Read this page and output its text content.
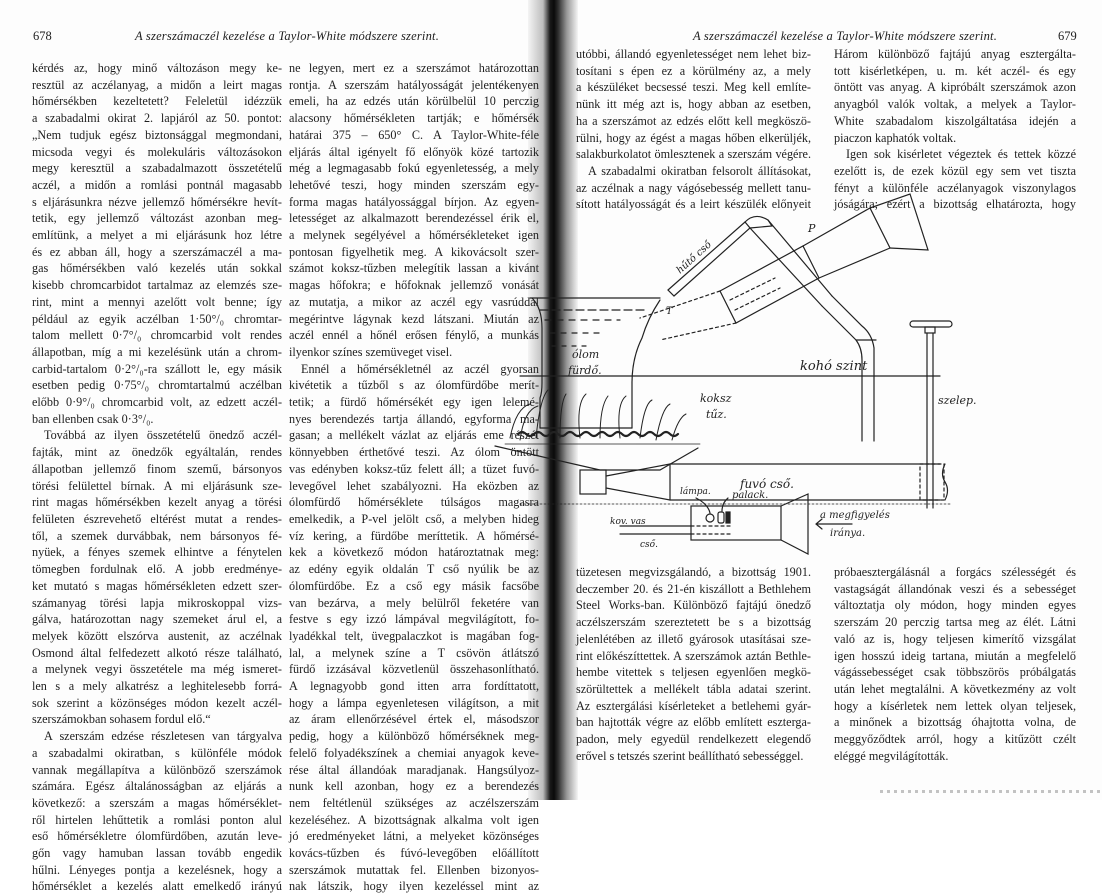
678	A szerszámaczél kezelése a Taylor-White módszere szerint.	A szerszámaczél kezelése a Taylor-White módszere szerint.	679
kérdés az, hogy minő változáson megy ke-
resztül az aczélanyag, a midőn a leirt magas
hőmérsékben kezeltetett? Feleletül idézzük
a szabadalmi okirat 2. lapjáról az 50. pontot:
„Nem tudjuk egész biztonsággal megmondani,
micsoda vegyi és molekuláris változásokon
megy keresztül a szabadalmazott összetételű
aczél, a midőn a romlási pontnál magasabb
s eljárásunkra nézve jellemző hőmérsékre hevít-
tetik, egy jellemző változást azonban meg-
említünk, a melyet a mi eljárásunk hoz létre
és ez abban áll, hogy a szerszámaczél a ma-
gas hőmérsékben való kezelés után sokkal
kisebb chromcarbidot tartalmaz az elemzés sze-
rint, mint a mennyi azelőtt volt benne; így
például az egyik aczélban 1·50°/₀ chromtar-
talom mellett 0·7°/₀ chromcarbid volt rendes
állapotban, míg a mi kezelésünk után a chrom-
carbid-tartalom 0·2°/₀-ra szállott le, egy másik
esetben pedig 0·75°/₀ chromtartalmú aczélban
előbb 0·9°/₀ chromcarbid volt, az edzett aczél-
ban ellenben csak 0·3°/₀.
Továbbá az ilyen összetételű önedző aczél-
fajták, mint az önedzők egyáltalán, rendes
állapotban jellemző finom szemű, bársonyos
törési felülettel bírnak. A mi eljárásunk sze-
rint magas hőmérsékben kezelt anyag a törési
felületen észrevehető eltérést mutat a rendes-
től, a szemek durvábbak, nem bársonyos fé-
nyüek, a fényes szemek elhintve a fénytelen
tömegben fordulnak elő. A jobb eredménye-
ket mutató s magas hőmérsékleten edzett szer-
számanyag törési lapja mikroskoppal vizs-
gálva, határozottan nagy szemeket árul el, a
melyek között elszórva austenit, az aczélnak
Osmond által felfedezett alkotó része található,
a melynek vegyi összetétele ma még ismeret-
len s a mely alkatrész a leghitelesebb forrá-
sok szerint a közönséges módon kezelt aczél-
szerszámokban sohasem fordul elő.“
A szerszám edzése részletesen van tárgyalva
a szabadalmi okiratban, s különféle módok
vannak megállapítva a különböző szerszámok
számára. Egész általánosságban az eljárás a
következő: a szerszám a magas hőmérséklet-
ről hirtelen lehűttetik a romlási ponton alul
eső hőmérsékletre ólomfürdőben, azután leve-
gőn vagy hamuban lassan tovább engedik
hűlni. Lényeges pontja a kezelésnek, hogy a
hőmérséklet a kezelés alatt emelkedő irányú
ne legyen, mert ez a szerszámot határozottan
rontja. A szerszám hatályosságát jelentékenyen
emeli, ha az edzés után körülbelül 10 perczig
alacsony hőmérsékleten tartják; e hőmérsék
határai 375 – 650° C. A Taylor-White-féle
eljárás által igényelt fő előnyök közé tartozik
még a legmagasabb fokú egyenletesség, a mely
lehetővé teszi, hogy minden szerszám egy-
forma magas hatályossággal bírjon. Az egyen-
letességet az alkalmazott berendezéssel érik el,
a melynek segélyével a hőmérsékleteket igen
pontosan figyelhetik meg. A kikovácsolt szer-
számot koksz-tűzben melegítik lassan a kivánt
magas hőfokra; e hőfoknak jellemző vonását
az mutatja, a mikor az aczél egy vasrúddal
megérintve lágynak kezd látszani. Miután az
aczél ennél a hőnél erősen fénylő, a munkás
ilyenkor színes szemüveget visel.
Ennél a hőmérsékletnél az aczél gyorsan
kivétetik a tűzből s az ólomfürdőbe merít-
tetik; a fürdő hőmérsékét egy igen lelemé-
nyes berendezés tartja állandó, egyforma ma-
gasan; a mellékelt vázlat az eljárás eme részét
könnyebben érthetővé teszi. Az ólom öntött
vas edényben koksz-tűz felett áll; a tüzet fuvó-
levegővel lehet szabályozni. Ha eközben az
ólomfürdő hőmérséklete túlságos magasra
emelkedik, a P-vel jelölt cső, a melyben hideg
víz kering, a fürdőbe meríttetik. A hőmérsé-
kek a következő módon határoztatnak meg:
az edény egyik oldalán T cső nyúlik be az
ólomfürdőbe. Ez a cső egy másik facsőbe
van bezárva, a mely belülről feketére van
festve s egy izzó lámpával megvilágított, fo-
lyadékkal telt, üvegpalaczkot is magában fog-
lal, a melynek színe a T csövön átlátszó
fürdő izzásával közvetlenül összehasonlítható.
A legnagyobb gond itten arra fordíttatott,
hogy a lámpa egyenletesen világítson, a mit
az áram ellenőrzésével értek el, másodszor
pedig, hogy a különböző hőmérséknek meg-
felelő folyadékszínek a chemiai anyagok keve-
rése által állandóak maradjanak. Hangsúlyoz-
nunk kell azonban, hogy ez a berendezés
nem feltétlenül szükséges az aczélszerszám
kezeléséhez. A bizottságnak alkalma volt igen
jó eredményeket látni, a melyeket közönséges
kovács-tűzben és fúvó-levegőben előállított
szerszámok mutattak fel. Ellenben bizonyos-
nak látszik, hogy ilyen kezeléssel mint az
utóbbi, állandó egyenletességet nem lehet biz-
tosítani s épen ez a körülmény az, a mely
a készüléket becsessé teszi. Meg kell említe-
nünk itt még azt is, hogy abban az esetben,
ha a szerszámot az edzés előtt kell megköszö-
rülni, hogy az égést a magas hőben elkerüljék,
salakburkolatot ömlesztenek a szerszám végére.
A szabadalmi okiratban felsorolt állításokat,
az aczélnak a nagy vágósebesség mellett tanu-
sított hatályosságát és a leirt készülék előnyeit
Három különböző fajtájú anyag esztergálta-
tott kisérletképen, u. m. két aczél- és egy
öntött vas anyag. A kipróbált szerszámok azon
anyagból valók voltak, a melyek a Taylor-
White szabadalom kiszolgáltatása idején a
piaczon kaphatók voltak.
Igen sok kisérletet végeztek és tettek közzé
ezelőtt is, de ezek közül egy sem vet tiszta
fényt a különféle aczélanyagok viszonylagos
jóságára; ezért a bizottság elhatározta, hogy
tüzetesen megvizsgálandó, a bizottság 1901.
deczember 20. és 21-én kiszállott a Bethlehem
Steel Works-ban. Különböző fajtájú önedző
aczélszerszám szereztetett be s a bizottság
jelenlétében az illető gyárosok utasításai sze-
rint előkészíttettek. A szerszámok aztán Bethle-
hembe vitettek s teljesen egyenlően megkö-
szörültettek a mellékelt tábla adatai szerint.
Az esztergálási kísérleteket a betlehemi gyár-
ban hajtották végre az előbb említett eszterga-
padon, mely egyedül rendelkezett elegendő
erővel s tetszés szerint beállítható sebességgel.
próbaesztergálásnál a forgács szélességét és
vastagságát állandónak veszi és a sebességet
változtatja oly módon, hogy minden egyes
szerszám 20 perczig tartsa meg az élét. Látni
való az is, hogy teljesen kimerítő vizsgálat
igen hosszú ideig tartana, miután a megfelelő
vágássebességet csak többszörös próbálgatás
után lehet megtalálni. A következmény az volt
hogy a kísérletek nem lettek olyan teljesek,
a minőnek a bizottság óhajtotta volna, de
meggyőződtek arról, hogy a kitűzött czélt
eléggé megvilágították.
hűtő cső
P
T
ólom
fürdő.	kohó szint
koksz
tűz.
szelep.
fuvó cső.
lámpa. palack.
kov. vas
cső.
a megfigyelés
iránya.
